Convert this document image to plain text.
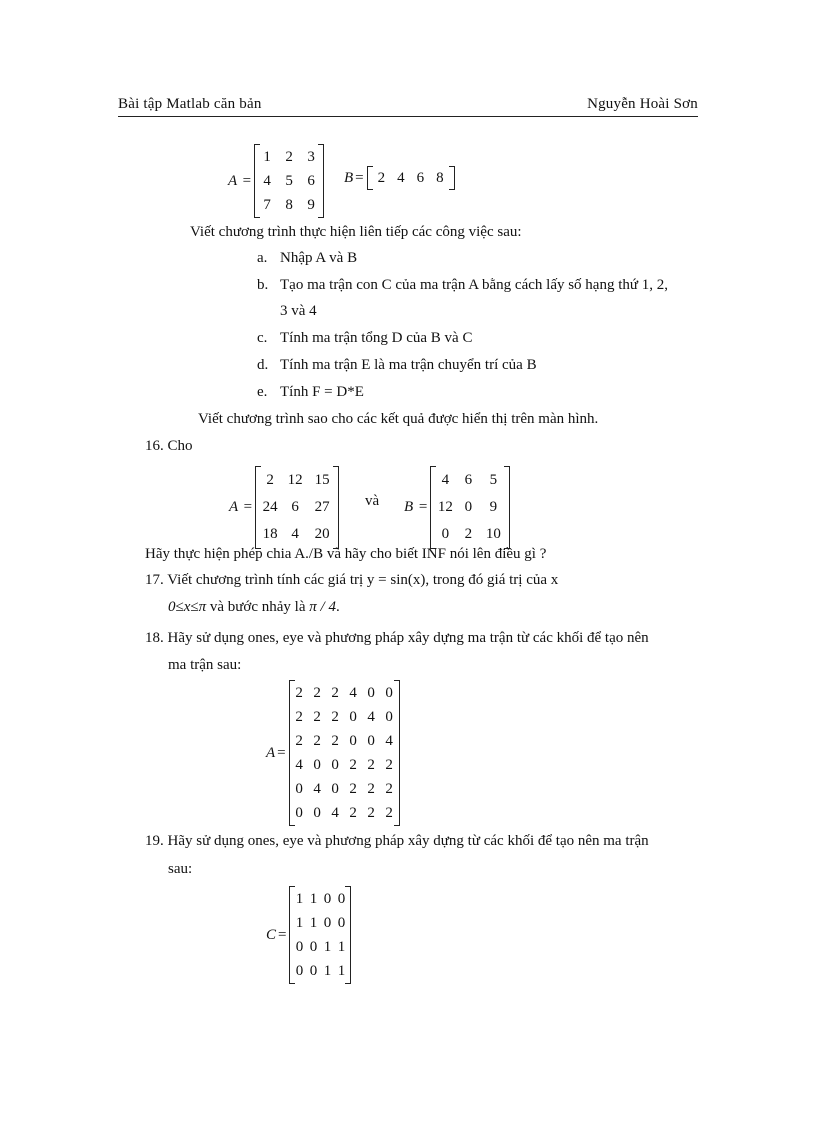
Bài tập Matlab căn bản	Nguyễn Hoài Sơn
A =
1 2 3
4 5 6
7 8 9
B = 2 4 6 8
Viết chương trình thực hiện liên tiếp các công việc sau:
a. Nhập A và B
b. Tạo ma trận con C của ma trận A bằng cách lấy số hạng thứ 1, 2,
3 và 4
c. Tính ma trận tổng D của B và C
d. Tính ma trận E là ma trận chuyển trí của B
e. Tính F = D*E
Viết chương trình sao cho các kết quả được hiển thị trên màn hình.
16. Cho
A =
2 12 15
24 6	27
18 4	20
và B =
4	6	5
12 0	9
0	2 10
Hãy thực hiện phép chia A./B và hãy cho biết INF nói lên điều gì ?
17. Viết chương trình tính các giá trị y = sin(x), trong đó giá trị của x
0≤x≤π và bước nhảy là π / 4.
18. Hãy sử dụng ones, eye và phương pháp xây dựng ma trận từ các khối để tạo nên
ma trận sau:
A =
2 2 2 4 0 0
2 2 2 0 4 0
2 2 2 0 0 4
4 0 0 2 2 2
0 4 0 2 2 2
0 0 4 2 2 2
19. Hãy sử dụng ones, eye và phương pháp xây dựng từ các khối để tạo nên ma trận
sau:
C =
1 1 0 0
1 1 0 0
0 0 1 1
0 0 1 1
